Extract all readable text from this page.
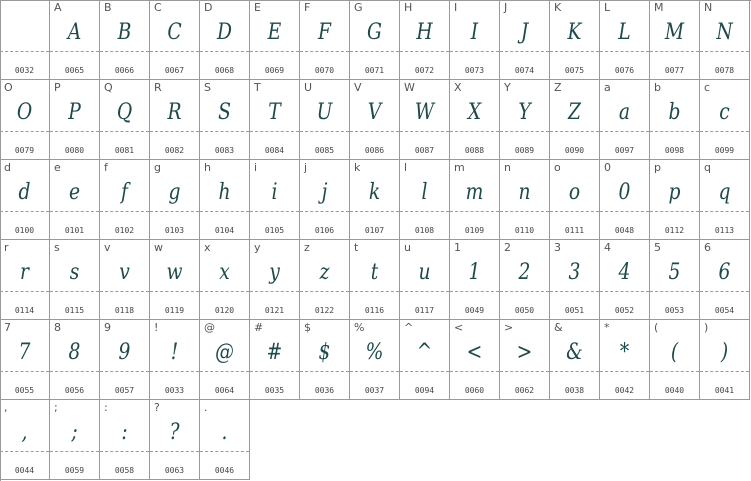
0032
A
A
0065
B
B
0066
C
C
0067
D
D
0068
E
E
0069
F
F
0070
G
G
0071
H
H
0072
I
I
0073
J
J
0074
K
K
0075
L
L
0076
M
M
0077
N
N
0078
O
O
0079
P
P
0080
Q
Q
0081
R
R
0082
S
S
0083
T
T
0084
U
U
0085
V
V
0086
W
W
0087
X
X
0088
Y
Y
0089
Z
Z
0090
a
a
0097
b
b
0098
c
c
0099
d
d
0100
e
e
0101
f
f
0102
g
g
0103
h
h
0104
i
i
0105
j
j
0106
k
k
0107
l
l
0108
m
m
0109
n
n
0110
o
o
0111
0
0
0048
p
p
0112
q
q
0113
r
r
0114
s
s
0115
v
v
0118
w
w
0119
x
x
0120
y
y
0121
z
z
0122
t
t
0116
u
u
0117
1
1
0049
2
2
0050
3
3
0051
4
4
0052
5
5
0053
6
6
0054
7
7
0055
8
8
0056
9
9
0057
!
!
0033
@
@
0064
#
#
0035
$
$
0036
%
%
0037
^
^
0094
<
<
0060
>
>
0062
&
&
0038
*
*
0042
(
(
0040
)
)
0041
,
,
0044
;
;
0059
:
:
0058
?
?
0063
.
.
0046
